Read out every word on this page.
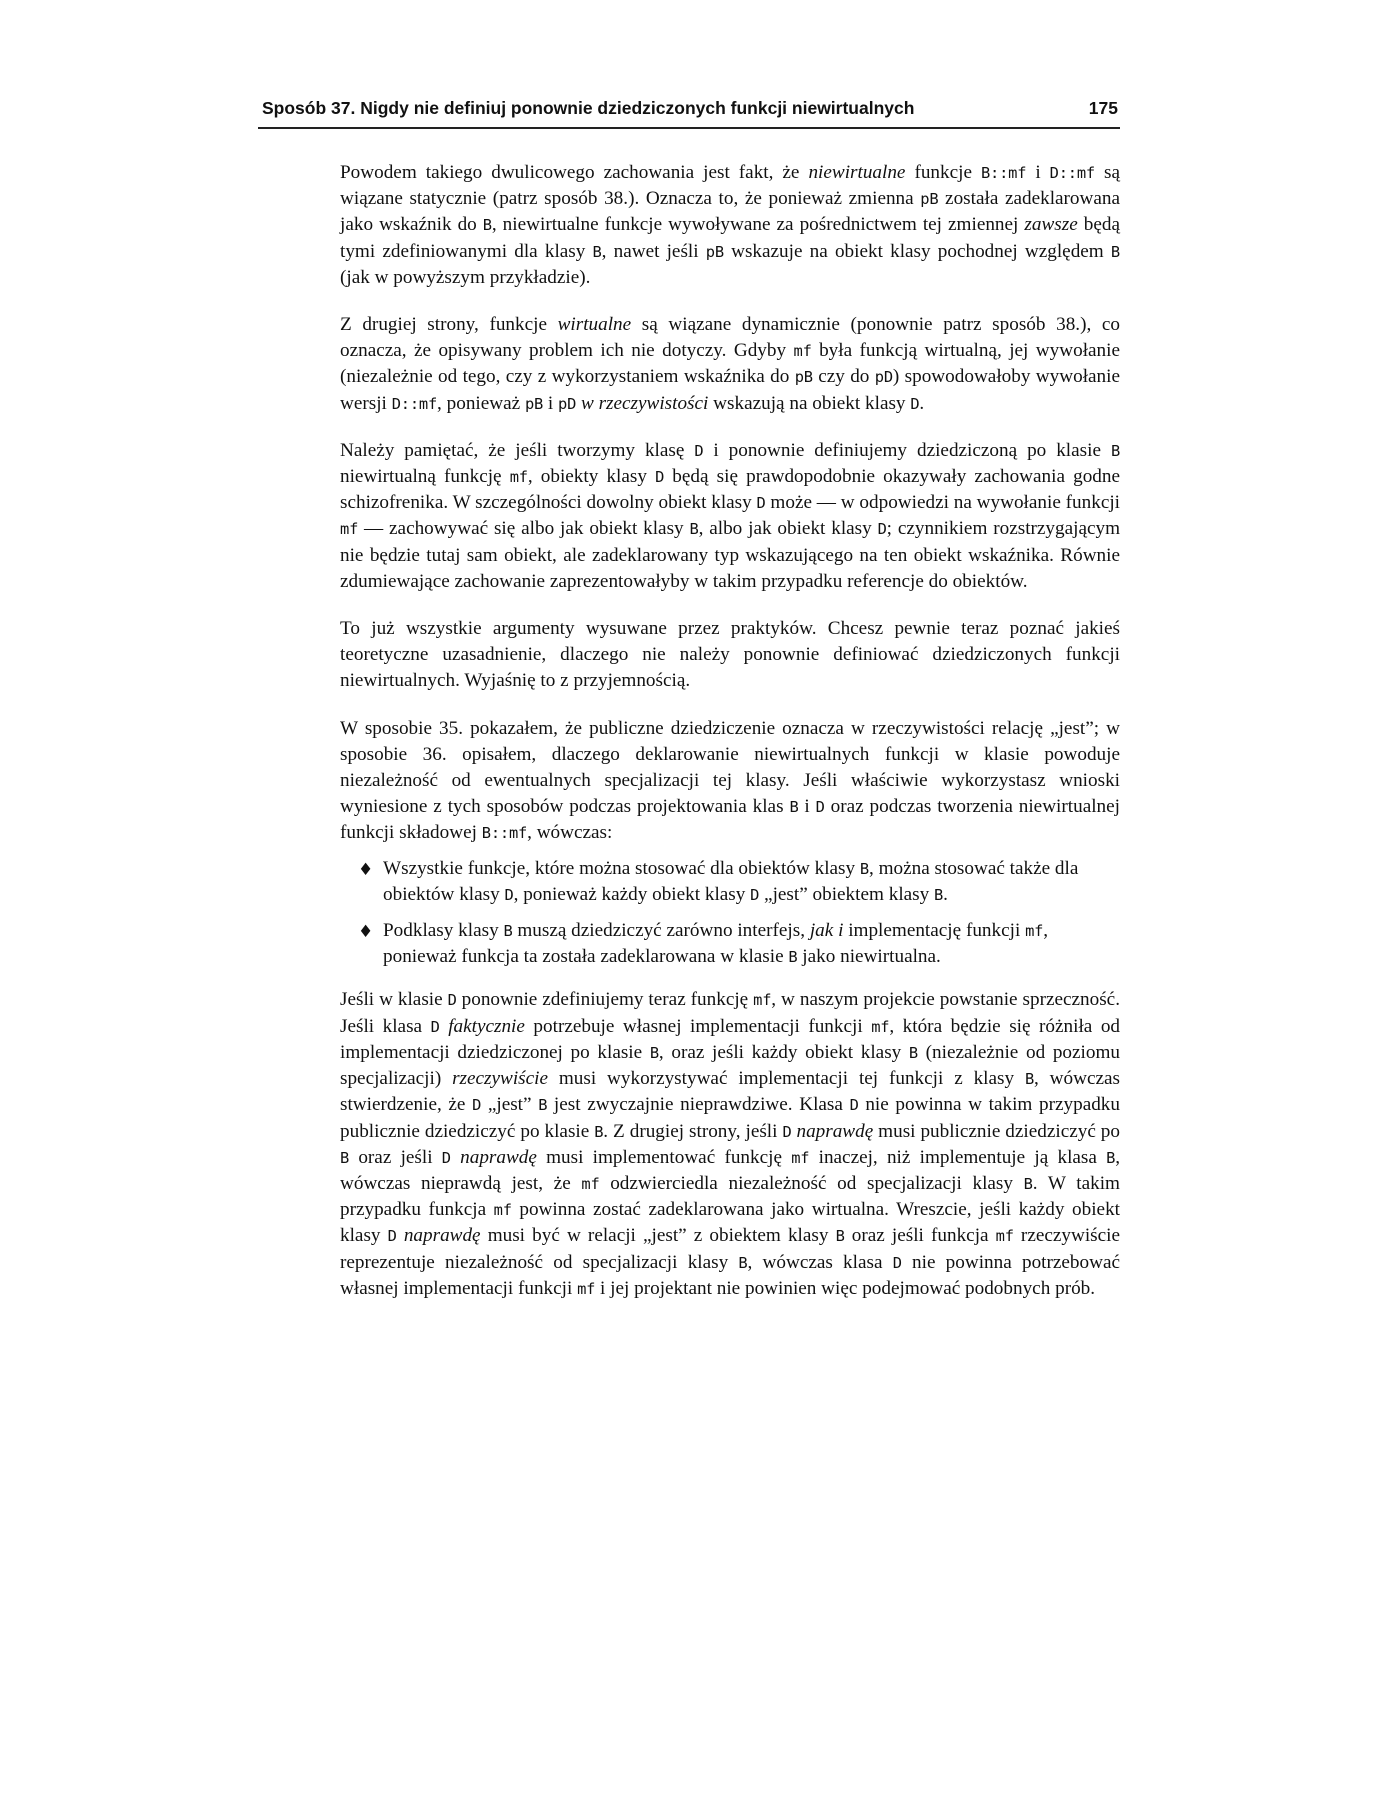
Sposób 37. Nigdy nie definiuj ponownie dziedziczonych funkcji niewirtualnych	175

Powodem takiego dwulicowego zachowania jest fakt, że niewirtualne funkcje B::mf i D::mf są wiązane statycznie (patrz sposób 38.). Oznacza to, że ponieważ zmienna pB została zadeklarowana jako wskaźnik do B, niewirtualne funkcje wywoływane za pośrednictwem tej zmiennej zawsze będą tymi zdefiniowanymi dla klasy B, nawet jeśli pB wskazuje na obiekt klasy pochodnej względem B (jak w powyższym przykładzie).

Z drugiej strony, funkcje wirtualne są wiązane dynamicznie (ponownie patrz sposób 38.), co oznacza, że opisywany problem ich nie dotyczy. Gdyby mf była funkcją wirtualną, jej wywołanie (niezależnie od tego, czy z wykorzystaniem wskaźnika do pB czy do pD) spowodowałoby wywołanie wersji D::mf, ponieważ pB i pD w rzeczywistości wskazują na obiekt klasy D.

Należy pamiętać, że jeśli tworzymy klasę D i ponownie definiujemy dziedziczoną po klasie B niewirtualną funkcję mf, obiekty klasy D będą się prawdopodobnie okazywały zachowania godne schizofrenika. W szczególności dowolny obiekt klasy D może — w odpowiedzi na wywołanie funkcji mf — zachowywać się albo jak obiekt klasy B, albo jak obiekt klasy D; czynnikiem rozstrzygającym nie będzie tutaj sam obiekt, ale zadeklarowany typ wskazującego na ten obiekt wskaźnika. Równie zdumiewające zachowanie zaprezentowałyby w takim przypadku referencje do obiektów.

To już wszystkie argumenty wysuwane przez praktyków. Chcesz pewnie teraz poznać jakieś teoretyczne uzasadnienie, dlaczego nie należy ponownie definiować dziedziczonych funkcji niewirtualnych. Wyjaśnię to z przyjemnością.

W sposobie 35. pokazałem, że publiczne dziedziczenie oznacza w rzeczywistości relację „jest”; w sposobie 36. opisałem, dlaczego deklarowanie niewirtualnych funkcji w klasie powoduje niezależność od ewentualnych specjalizacji tej klasy. Jeśli właściwie wykorzystasz wnioski wyniesione z tych sposobów podczas projektowania klas B i D oraz podczas tworzenia niewirtualnej funkcji składowej B::mf, wówczas:

♦ Wszystkie funkcje, które można stosować dla obiektów klasy B, można stosować także dla obiektów klasy D, ponieważ każdy obiekt klasy D „jest” obiektem klasy B.
♦ Podklasy klasy B muszą dziedziczyć zarówno interfejs, jak i implementację funkcji mf, ponieważ funkcja ta została zadeklarowana w klasie B jako niewirtualna.

Jeśli w klasie D ponownie zdefiniujemy teraz funkcję mf, w naszym projekcie powstanie sprzeczność. Jeśli klasa D faktycznie potrzebuje własnej implementacji funkcji mf, która będzie się różniła od implementacji dziedziczonej po klasie B, oraz jeśli każdy obiekt klasy B (niezależnie od poziomu specjalizacji) rzeczywiście musi wykorzystywać implementacji tej funkcji z klasy B, wówczas stwierdzenie, że D „jest” B jest zwyczajnie nieprawdziwe. Klasa D nie powinna w takim przypadku publicznie dziedziczyć po klasie B. Z drugiej strony, jeśli D naprawdę musi publicznie dziedziczyć po B oraz jeśli D naprawdę musi implementować funkcję mf inaczej, niż implementuje ją klasa B, wówczas nieprawdą jest, że mf odzwierciedla niezależność od specjalizacji klasy B. W takim przypadku funkcja mf powinna zostać zadeklarowana jako wirtualna. Wreszcie, jeśli każdy obiekt klasy D naprawdę musi być w relacji „jest” z obiektem klasy B oraz jeśli funkcja mf rzeczywiście reprezentuje niezależność od specjalizacji klasy B, wówczas klasa D nie powinna potrzebować własnej implementacji funkcji mf i jej projektant nie powinien więc podejmować podobnych prób.
